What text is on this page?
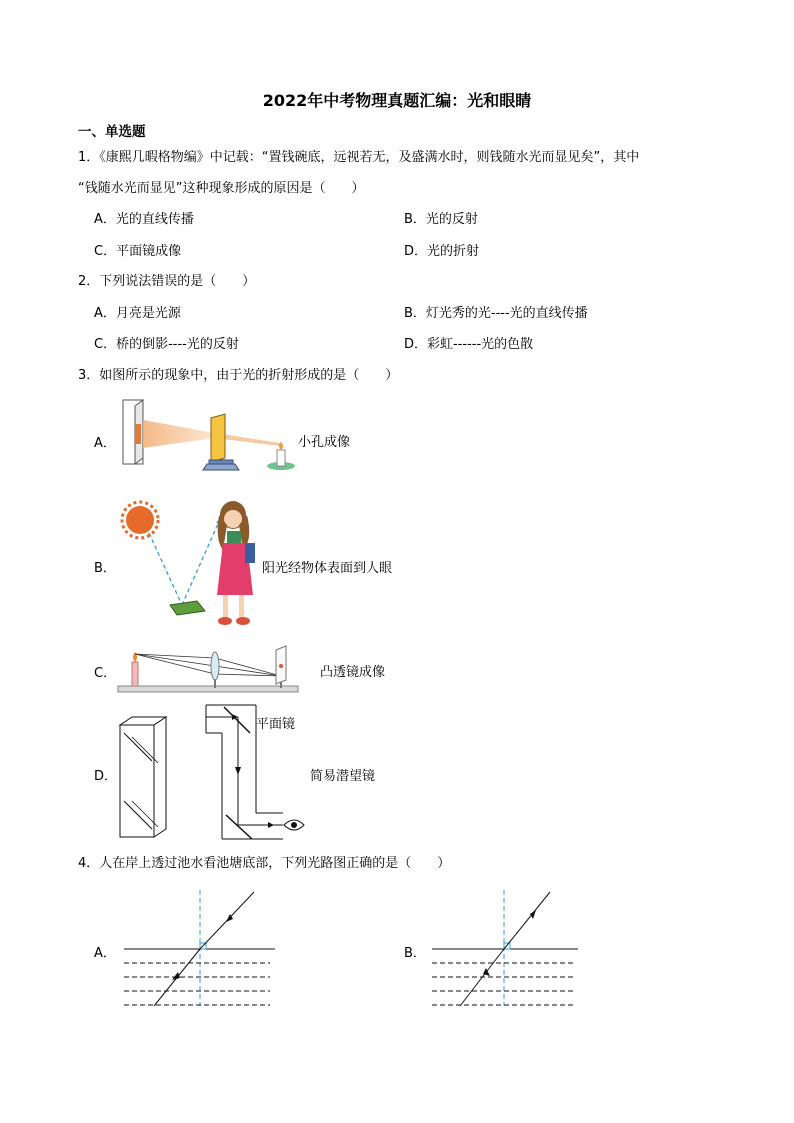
2022年中考物理真题汇编：光和眼睛
一、单选题
1．《康熙几暇格物编》中记载：“置钱碗底，远视若无，及盛满水时，则钱随水光而显见矣”，其中
“钱随水光而显见”这种现象形成的原因是（　　）
A．光的直线传播	B．光的反射
C．平面镜成像	D．光的折射
2．下列说法错误的是（　　）
A．月亮是光源	B．灯光秀的光----光的直线传播
C．桥的倒影----光的反射	D．彩虹------光的色散
3．如图所示的现象中，由于光的折射形成的是（　　）
A．	小孔成像
B．	阳光经物体表面到人眼
C．	凸透镜成像
D．
平面镜
简易潜望镜
4．人在岸上透过池水看池塘底部，下列光路图正确的是（　　）
A．	B．
